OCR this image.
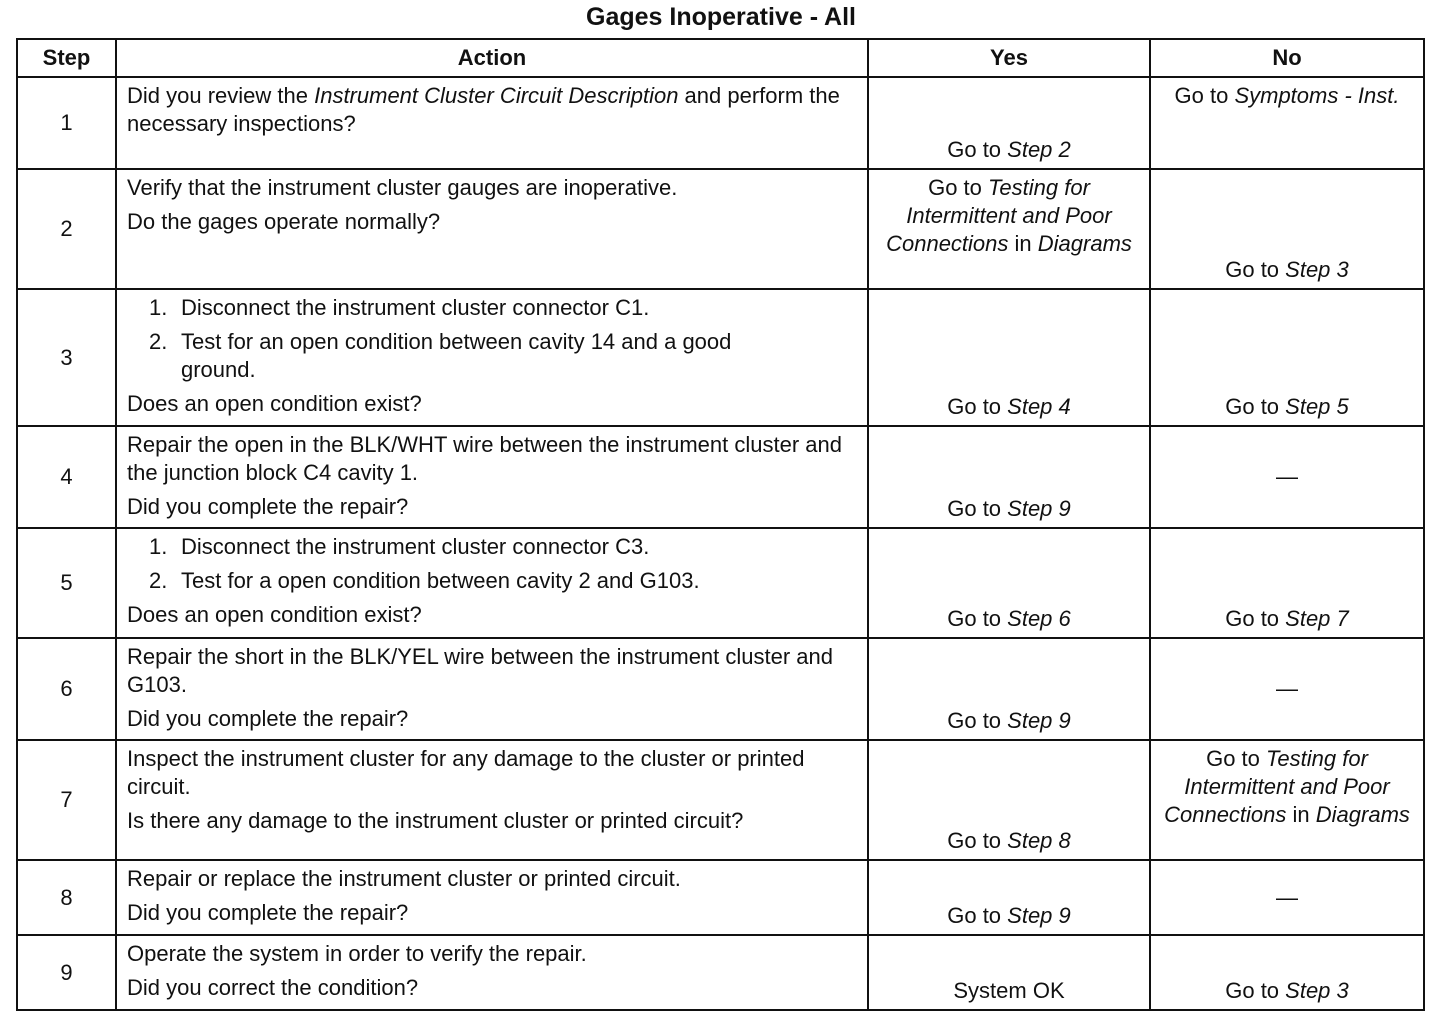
Gages Inoperative - All
Step	Action	Yes	No
1	Did you review the Instrument Cluster Circuit Description and perform the necessary inspections?	Go to Step 2	Go to Symptoms - Inst.

2	Verify that the instrument cluster gauges are inoperative.
Do the gages operate normally?	Go to Testing for Intermittent and Poor Connections in Diagrams	Go to Step 3

3	1. Disconnect the instrument cluster connector C1.
2. Test for an open condition between cavity 14 and a good
ground.
Does an open condition exist?	Go to Step 4	Go to Step 5

4	Repair the open in the BLK/WHT wire between the instrument cluster and the junction block C4 cavity 1.
Did you complete the repair?	Go to Step 9	—

5	1. Disconnect the instrument cluster connector C3.
2. Test for a open condition between cavity 2 and G103.
Does an open condition exist?	Go to Step 6	Go to Step 7

6	Repair the short in the BLK/YEL wire between the instrument cluster and G103.
Did you complete the repair?	Go to Step 9	—

7	Inspect the instrument cluster for any damage to the cluster or printed circuit.
Is there any damage to the instrument cluster or printed circuit?	Go to Step 8	Go to Testing for Intermittent and Poor Connections in Diagrams

8	Repair or replace the instrument cluster or printed circuit.
Did you complete the repair?	Go to Step 9	—

9	Operate the system in order to verify the repair.
Did you correct the condition?	System OK	Go to Step 3
